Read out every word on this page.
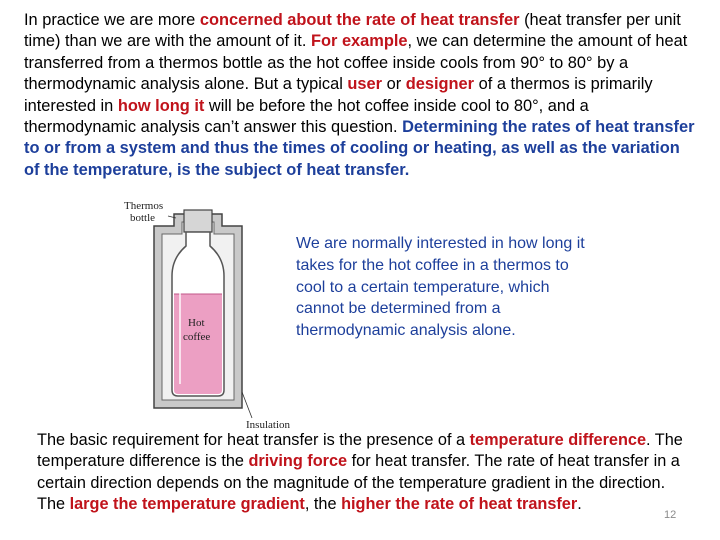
In practice we are more concerned about the rate of heat transfer (heat transfer per unit time) than we are with the amount of it. For example, we can determine the amount of heat transferred from a thermos bottle as the hot coffee inside cools from 90° to 80° by a thermodynamic analysis alone. But a typical user or designer of a thermos is primarily interested in how long it will be before the hot coffee inside cool to 80°, and a thermodynamic analysis can’t answer this question. Determining the rates of heat transfer to or from a system and thus the times of cooling or heating, as well as the variation of the temperature, is the subject of heat transfer.
Thermos
bottle
Hot
coffee
Insulation
We are normally interested in how long it takes for the hot coffee in a thermos to cool to a certain temperature, which cannot be determined from a thermodynamic analysis alone.
The basic requirement for heat transfer is the presence of a temperature difference. The temperature difference is the driving force for heat transfer. The rate of heat transfer in a certain direction depends on the magnitude of the temperature gradient in the direction. The large the temperature gradient, the higher the rate of heat transfer.
12
